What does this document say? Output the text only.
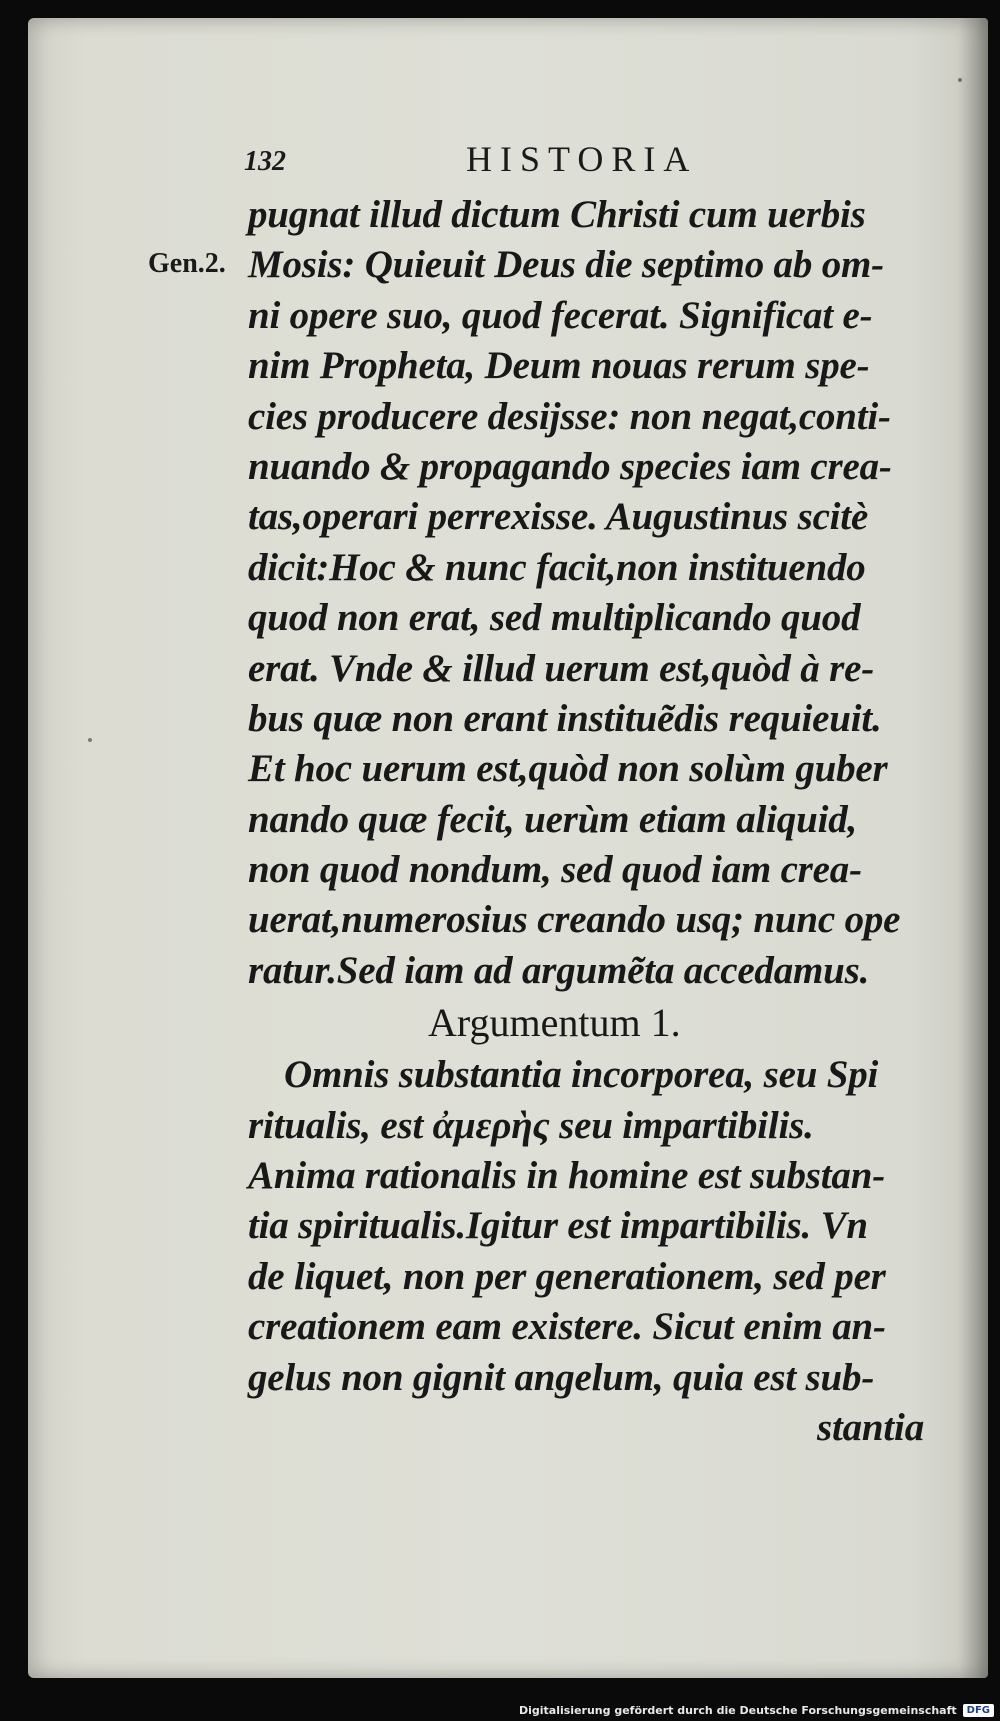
132	HISTORIA
Gen.2.
pugnat illud dictum Christi cum uerbis
Mosis: Quieuit Deus die septimo ab om-
ni opere suo, quod fecerat. Significat e-
nim Propheta, Deum nouas rerum spe-
cies producere desijsse: non negat,conti-
nuando & propagando species iam crea-
tas,operari perrexisse. Augustinus scitè
dicit:Hoc & nunc facit,non instituendo
quod non erat, sed multiplicando quod
erat. Vnde & illud uerum est,quòd à re-
bus quæ non erant instituẽdis requieuit.
Et hoc uerum est,quòd non solùm guber
nando quæ fecit, uerùm etiam aliquid,
non quod nondum, sed quod iam crea-
uerat,numerosius creando usq; nunc ope
ratur.Sed iam ad argumẽta accedamus.
Argumentum 1.
Omnis substantia incorporea, seu Spi
ritualis, est ἀμερὴς seu impartibilis.
Anima rationalis in homine est substan-
tia spiritualis.Igitur est impartibilis. Vn
de liquet, non per generationem, sed per
creationem eam existere. Sicut enim an-
gelus non gignit angelum, quia est sub-
stantia
Digitalisierung gefördert durch die Deutsche Forschungsgemeinschaft	DFG
